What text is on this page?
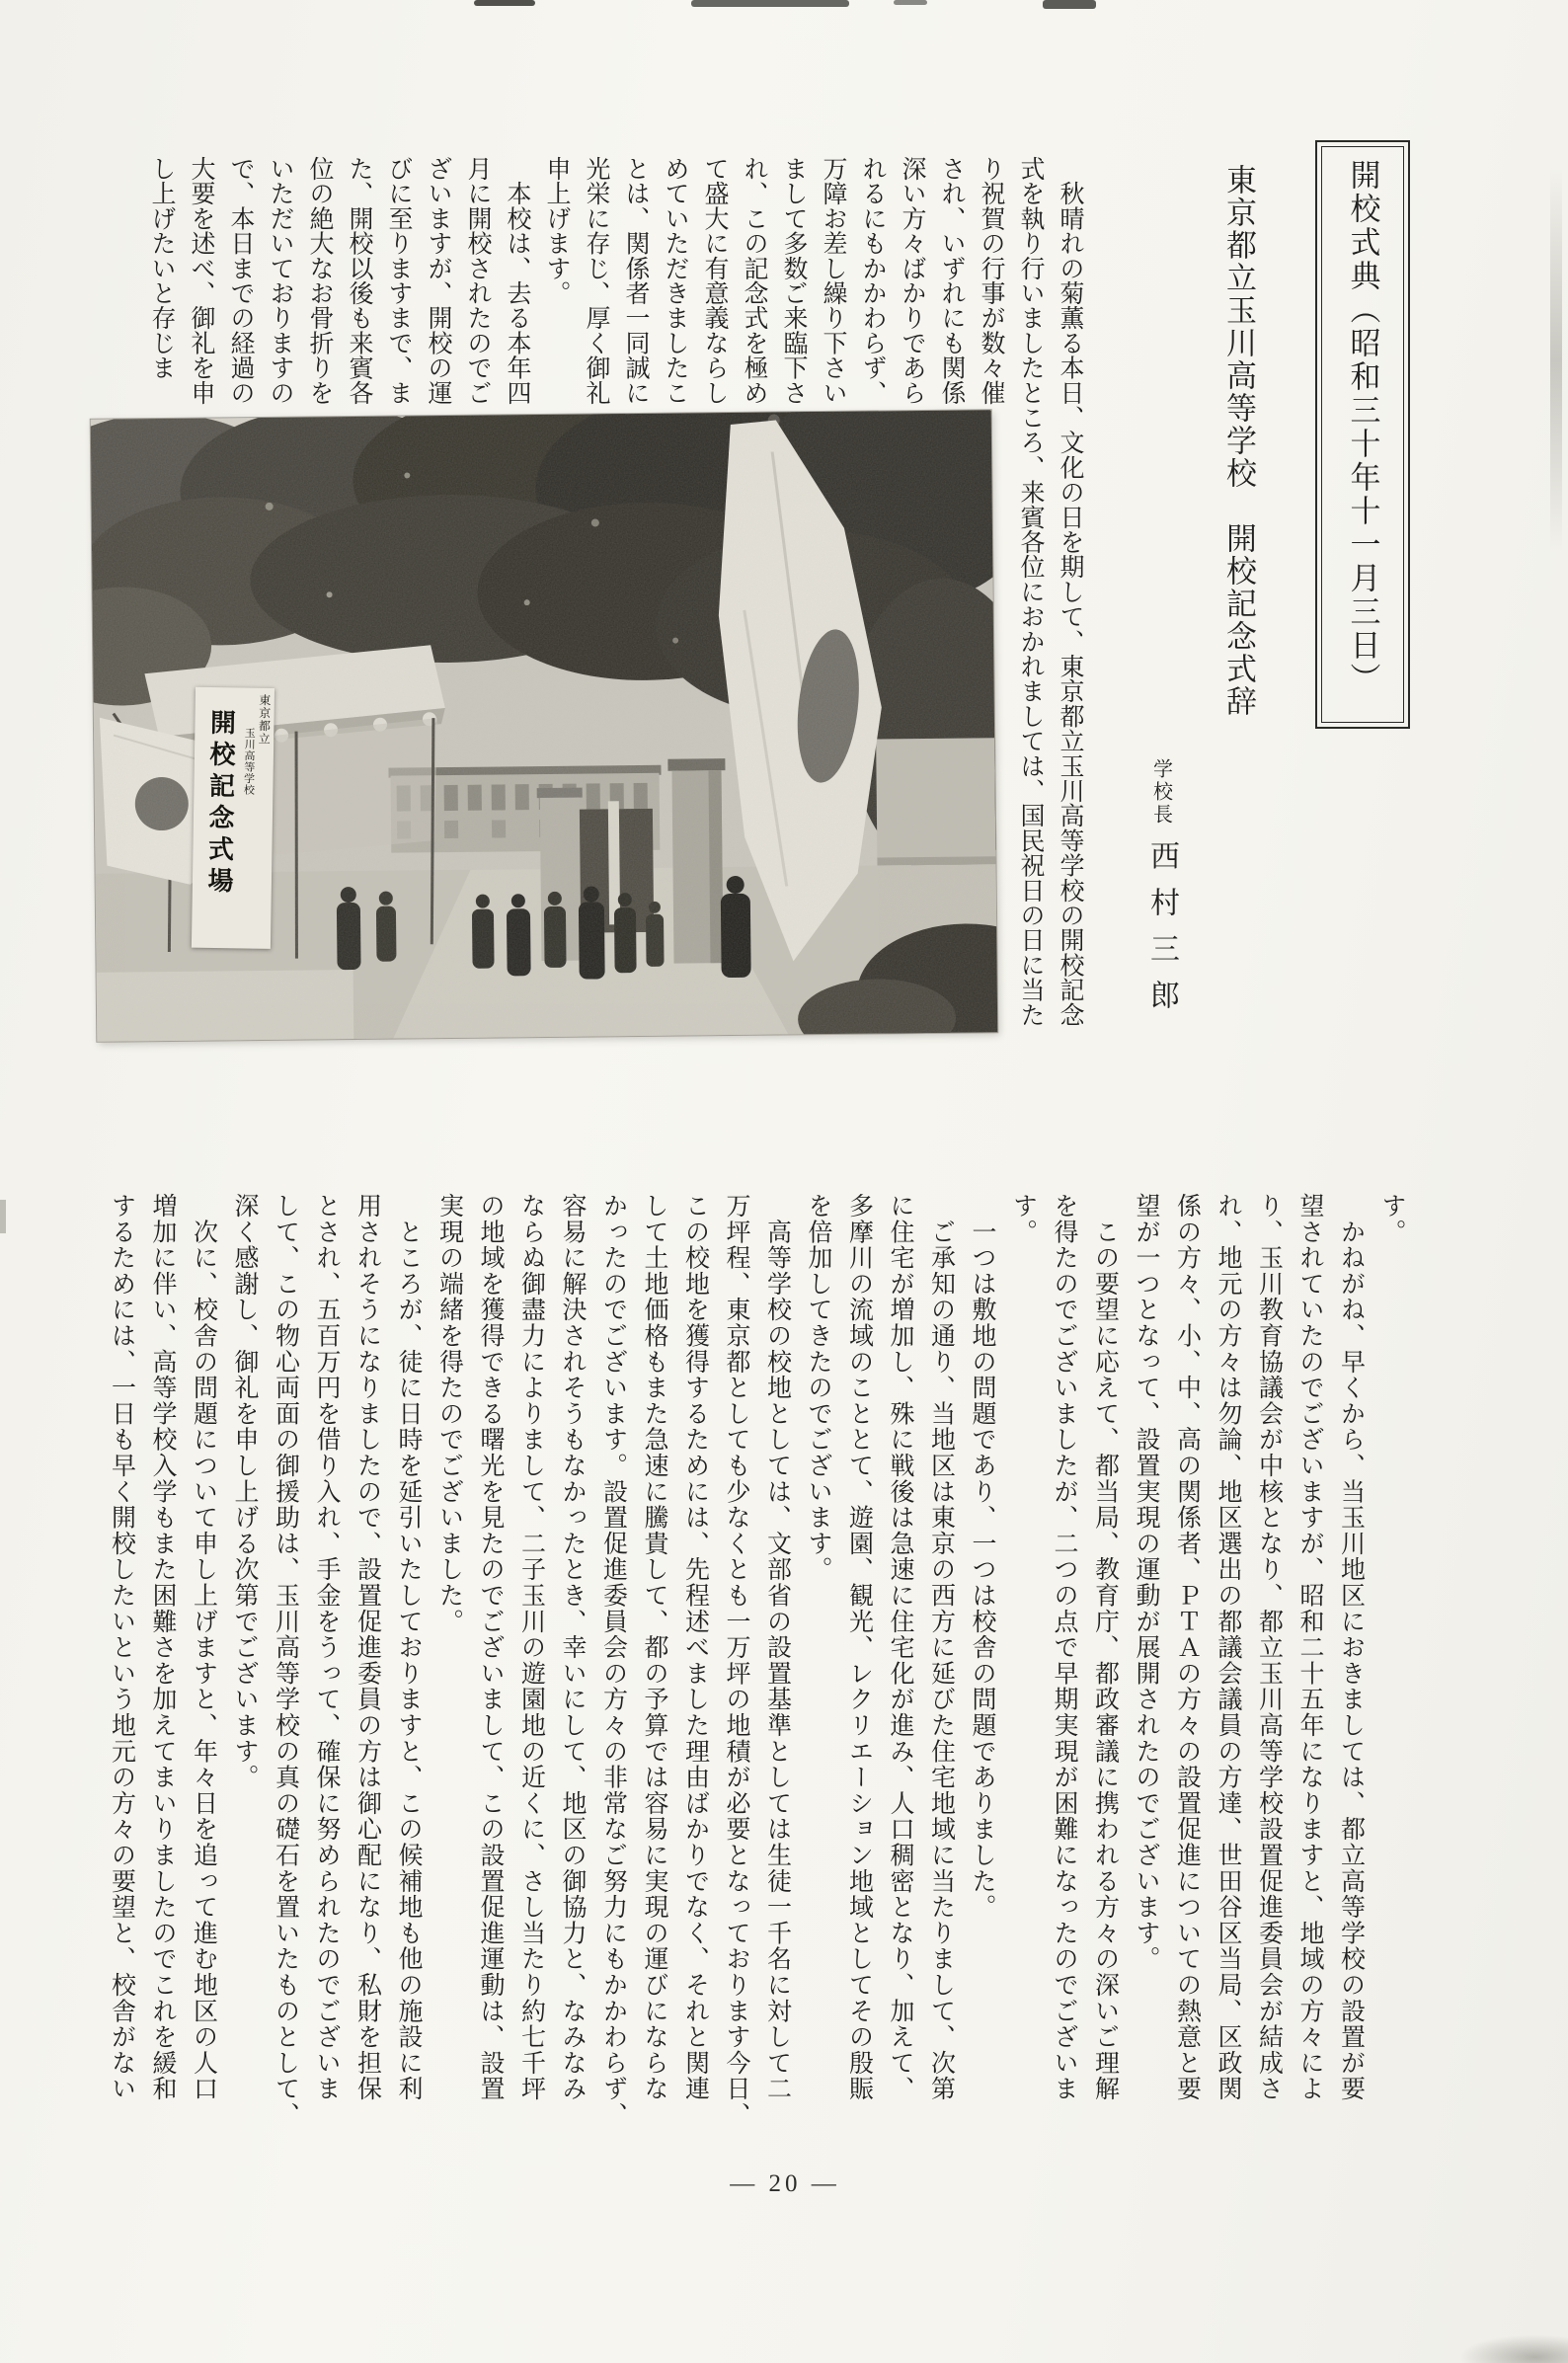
開校式典（昭和三十年十一月三日）
東京都立玉川高等学校　開校記念式辞
学校長
西村三郎
　秋晴れの菊薫る本日、文化の日を期して、東京都立玉川高等学校の開校記念
式を執り行いましたところ、来賓各位におかれましては、国民祝日の日に当た
り祝賀の行事が数々催
され、いずれにも関係
深い方々ばかりであら
れるにもかかわらず、
万障お差し繰り下さい
まして多数ご来臨下さ
れ、この記念式を極め
て盛大に有意義ならし
めていただきましたこ
とは、関係者一同誠に
光栄に存じ、厚く御礼
申上げます。
　本校は、去る本年四
月に開校されたのでご
ざいますが、開校の運
びに至りますまで、ま
た、開校以後も来賓各
位の絶大なお骨折りを
いただいておりますの
で、本日までの経過の
大要を述べ、御礼を申
し上げたいと存じま
東京都立
玉川高等学校
開校記念式場
す。
　かねがね、早くから、当玉川地区におきましては、都立高等学校の設置が要
望されていたのでございますが、昭和二十五年になりますと、地域の方々によ
り、玉川教育協議会が中核となり、都立玉川高等学校設置促進委員会が結成さ
れ、地元の方々は勿論、地区選出の都議会議員の方達、世田谷区当局、区政関
係の方々、小、中、高の関係者、ＰＴＡの方々の設置促進についての熱意と要
望が一つとなって、設置実現の運動が展開されたのでございます。
　この要望に応えて、都当局、教育庁、都政審議に携われる方々の深いご理解
を得たのでございましたが、二つの点で早期実現が困難になったのでございま
す。
　一つは敷地の問題であり、一つは校舎の問題でありました。
　ご承知の通り、当地区は東京の西方に延びた住宅地域に当たりまして、次第
に住宅が増加し、殊に戦後は急速に住宅化が進み、人口稠密となり、加えて、
多摩川の流域のこととて、遊園、観光、レクリエーション地域としてその殷賑
を倍加してきたのでございます。
　高等学校の校地としては、文部省の設置基準としては生徒一千名に対して二
万坪程、東京都としても少なくとも一万坪の地積が必要となっております今日、
この校地を獲得するためには、先程述べました理由ばかりでなく、それと関連
して土地価格もまた急速に騰貴して、都の予算では容易に実現の運びにならな
かったのでございます。設置促進委員会の方々の非常なご努力にもかかわらず、
容易に解決されそうもなかったとき、幸いにして、地区の御協力と、なみなみ
ならぬ御盡力によりまして、二子玉川の遊園地の近くに、さし当たり約七千坪
の地域を獲得できる曙光を見たのでございまして、この設置促進運動は、設置
実現の端緒を得たのでございました。
　ところが、徒に日時を延引いたしておりますと、この候補地も他の施設に利
用されそうになりましたので、設置促進委員の方は御心配になり、私財を担保
とされ、五百万円を借り入れ、手金をうって、確保に努められたのでございま
して、この物心両面の御援助は、玉川高等学校の真の礎石を置いたものとして、
深く感謝し、御礼を申し上げる次第でございます。
　次に、校舎の問題について申し上げますと、年々日を追って進む地区の人口
増加に伴い、高等学校入学もまた困難さを加えてまいりましたのでこれを緩和
するためには、一日も早く開校したいという地元の方々の要望と、校舎がない
— 20 —
